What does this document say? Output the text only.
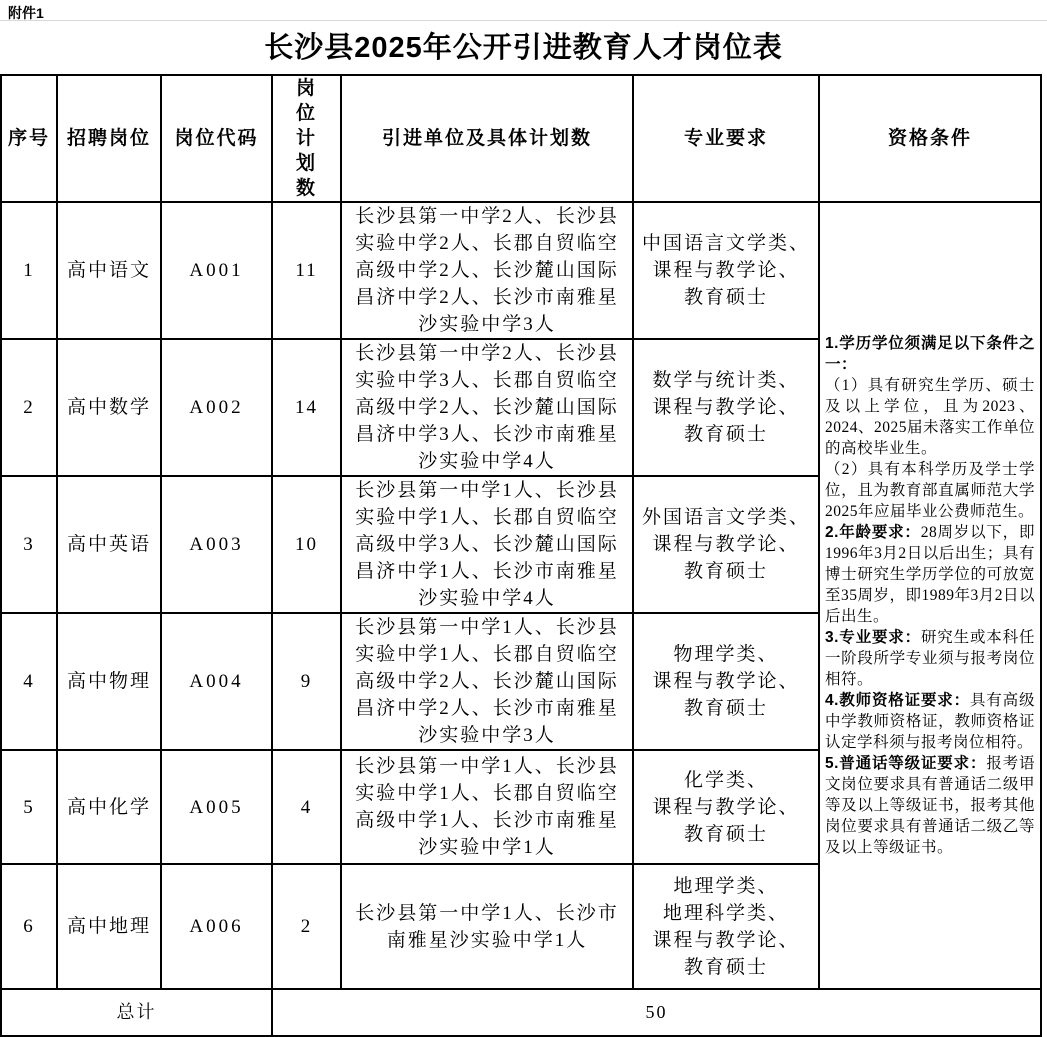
附件1
长沙县2025年公开引进教育人才岗位表
序号	招聘岗位	岗位代码	岗位计划数	引进单位及具体计划数	专业要求	资格条件
1	高中语文	A001	11	长沙县第一中学2人、长沙县实验中学2人、长郡自贸临空高级中学2人、长沙麓山国际昌济中学2人、长沙市南雅星沙实验中学3人	
中国语言文学类、
课程与教学论、
教育硕士

1.学历学位须满足以下条件之一：

（1）具有研究生学历、硕士及以上学位，且为2023、2024、2025届未落实工作单位的高校毕业生。

（2）具有本科学历及学士学位，且为教育部直属师范大学2025年应届毕业公费师范生。

2.年龄要求：28周岁以下，即1996年3月2日以后出生；具有博士研究生学历学位的可放宽至35周岁，即1989年3月2日以后出生。

3.专业要求：研究生或本科任一阶段所学专业须与报考岗位相符。

4.教师资格证要求：具有高级中学教师资格证，教师资格证认定学科须与报考岗位相符。

5.普通话等级证要求：报考语文岗位要求具有普通话二级甲等及以上等级证书，报考其他岗位要求具有普通话二级乙等及以上等级证书。

2	高中数学	A002	14	长沙县第一中学2人、长沙县实验中学3人、长郡自贸临空高级中学2人、长沙麓山国际昌济中学3人、长沙市南雅星沙实验中学4人	数学与统计类、
课程与教学论、
教育硕士	

3	高中英语	A003	10	长沙县第一中学1人、长沙县实验中学1人、长郡自贸临空高级中学3人、长沙麓山国际昌济中学1人、长沙市南雅星沙实验中学4人	外国语言文学类、
课程与教学论、
教育硕士	

4	高中物理	A004	9	长沙县第一中学1人、长沙县实验中学1人、长郡自贸临空高级中学2人、长沙麓山国际昌济中学2人、长沙市南雅星沙实验中学3人	物理学类、
课程与教学论、
教育硕士	

5	高中化学	A005	4	长沙县第一中学1人、长沙县实验中学1人、长郡自贸临空高级中学1人、长沙市南雅星沙实验中学1人	化学类、
课程与教学论、
教育硕士	

6	高中地理	A006	2	长沙县第一中学1人、长沙市南雅星沙实验中学1人	地理学类、
地理科学类、
课程与教学论、
教育硕士	

总计			50			
